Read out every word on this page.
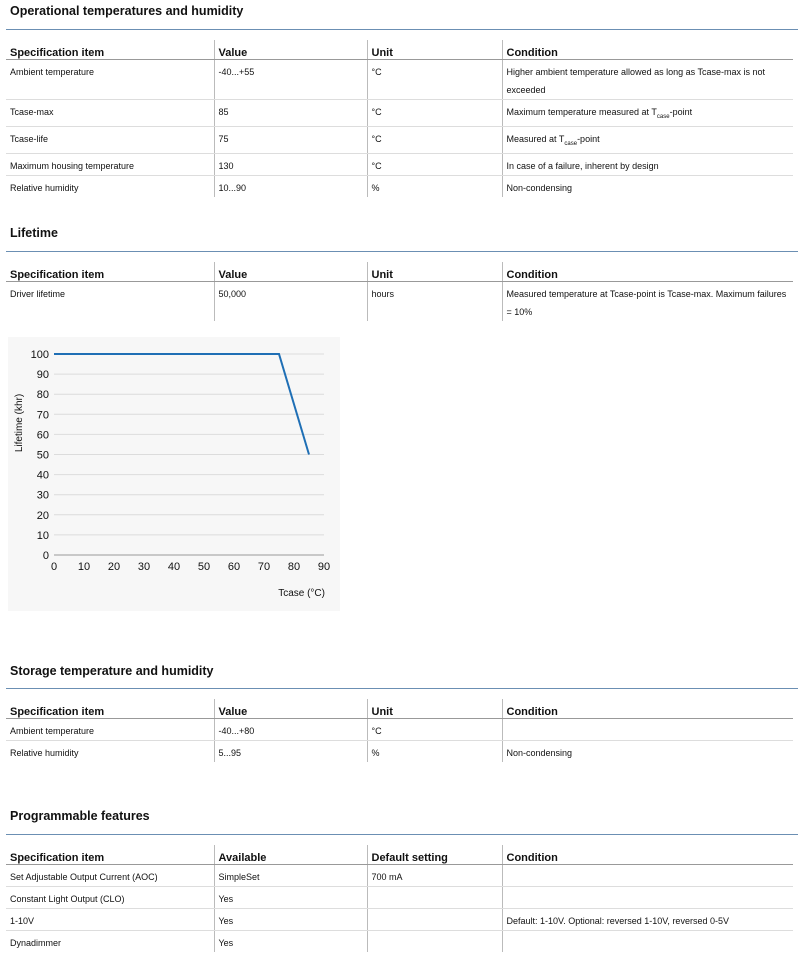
Operational temperatures and humidity
Specification item	Value	Unit	Condition
Ambient temperature	-40...+55	°C	Higher ambient temperature allowed as long as Tcase-max is not exceeded
Tcase-max	85	°C	Maximum temperature measured at $T_{case}$-point
Tcase-life	75	°C	Measured at $T_{case}$-point
Maximum housing temperature	130	°C	In case of a failure, inherent by design
Relative humidity	10...90	%	Non-condensing
Lifetime
Specification item	Value	Unit	Condition
Driver lifetime	50,000	hours	Measured temperature at Tcase-point is Tcase-max. Maximum failures = 10%
0
10
20
30
40
50
60
70
80
90
100
0 10 20 30 40 50 60 70 80 90
Lifetime (khr)
Tcase (°C)
Storage temperature and humidity
Specification item	Value	Unit	Condition
Ambient temperature	-40...+80	°C	
Relative humidity	5...95	%	Non-condensing
Programmable features
Specification item	Available	Default setting	Condition
Set Adjustable Output Current (AOC)	SimpleSet	700 mA	
Constant Light Output (CLO)	Yes		
1-10V	Yes		Default: 1-10V. Optional: reversed 1-10V, reversed 0-5V
Dynadimmer	Yes		
